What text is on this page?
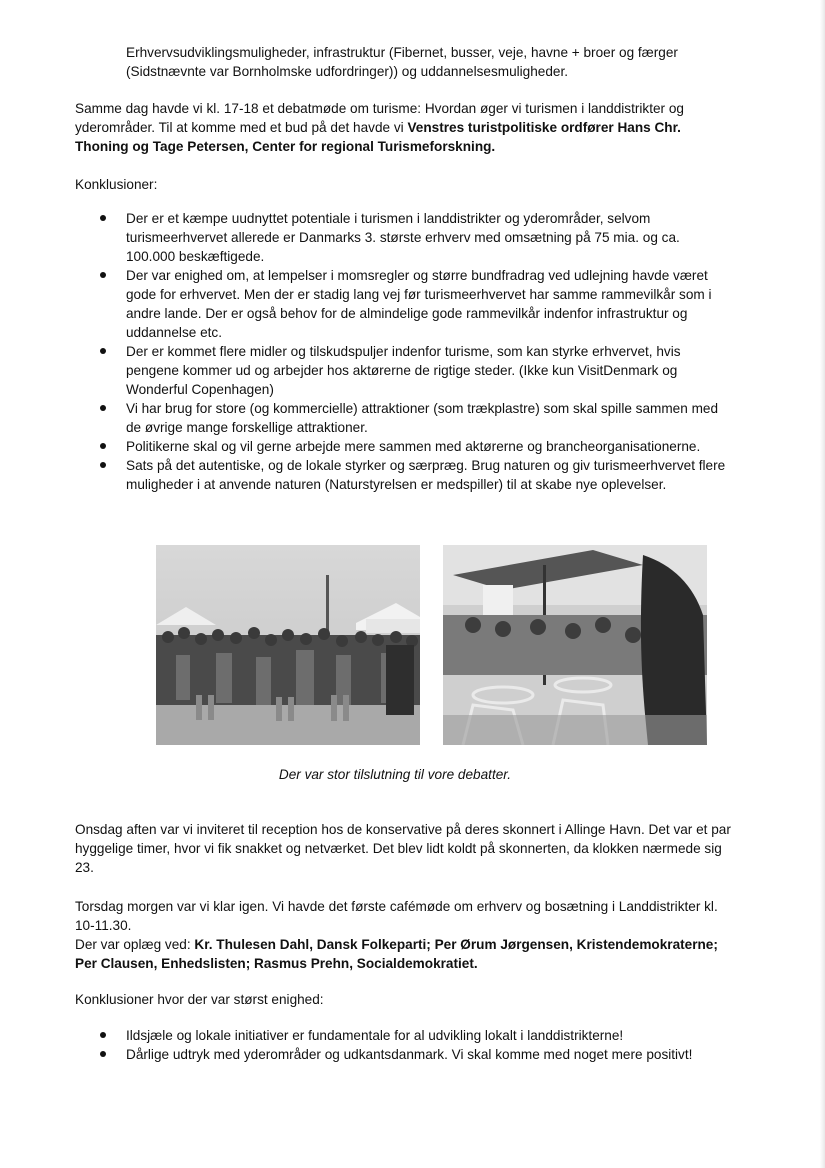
Erhvervsudviklingsmuligheder, infrastruktur (Fibernet, busser, veje, havne + broer og færger (Sidstnævnte var Bornholmske udfordringer)) og uddannelsesmuligheder.

Samme dag havde vi kl. 17-18 et debatmøde om turisme: Hvordan øger vi turismen i landdistrikter og yderområder. Til at komme med et bud på det havde vi Venstres turistpolitiske ordfører Hans Chr. Thoning og Tage Petersen, Center for regional Turismeforskning.

Konklusioner:

Der er et kæmpe uudnyttet potentiale i turismen i landdistrikter og yderområder, selvom turismeerhvervet allerede er Danmarks 3. største erhverv med omsætning på 75 mia. og ca. 100.000 beskæftigede.
Der var enighed om, at lempelser i momsregler og større bundfradrag ved udlejning havde været gode for erhvervet. Men der er stadig lang vej før turismeerhvervet har samme rammevilkår som i andre lande. Der er også behov for de almindelige gode rammevilkår indenfor infrastruktur og uddannelse etc.
Der er kommet flere midler og tilskudspuljer indenfor turisme, som kan styrke erhvervet, hvis pengene kommer ud og arbejder hos aktørerne de rigtige steder. (Ikke kun VisitDenmark og Wonderful Copenhagen)
Vi har brug for store (og kommercielle) attraktioner (som trækplastre) som skal spille sammen med de øvrige mange forskellige attraktioner.
Politikerne skal og vil gerne arbejde mere sammen med aktørerne og brancheorganisationerne.
Sats på det autentiske, og de lokale styrker og særpræg. Brug naturen og giv turismeerhvervet flere muligheder i at anvende naturen (Naturstyrelsen er medspiller) til at skabe nye oplevelser.

Der var stor tilslutning til vore debatter.

Onsdag aften var vi inviteret til reception hos de konservative på deres skonnert i Allinge Havn. Det var et par hyggelige timer, hvor vi fik snakket og netværket. Det blev lidt koldt på skonnerten, da klokken nærmede sig 23.

Torsdag morgen var vi klar igen. Vi havde det første cafémøde om erhverv og bosætning i Landdistrikter kl. 10-11.30.

Der var oplæg ved: Kr. Thulesen Dahl, Dansk Folkeparti; Per Ørum Jørgensen, Kristendemokraterne; Per Clausen, Enhedslisten; Rasmus Prehn, Socialdemokratiet.

Konklusioner hvor der var størst enighed:

Ildsjæle og lokale initiativer er fundamentale for al udvikling lokalt i landdistrikterne!
Dårlige udtryk med yderområder og udkantsdanmark. Vi skal komme med noget mere positivt!
